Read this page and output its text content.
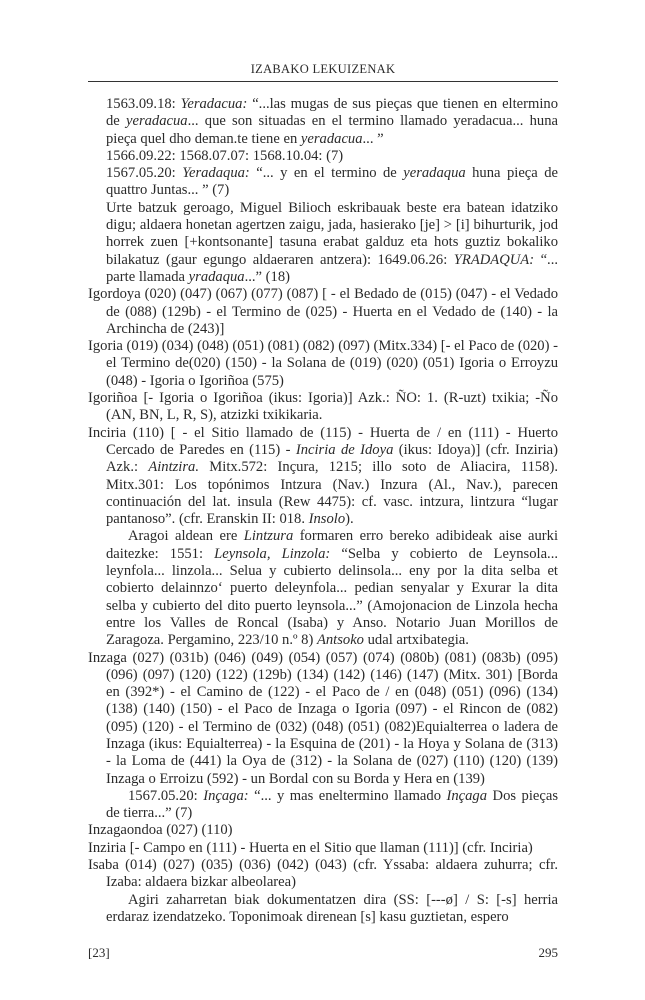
IZABAKO LEKUIZENAK

1563.09.18: Yeradacua: “...las mugas de sus pieças que tienen en eltermino de yeradacua... que son situadas en el termino llamado yeradacua... huna pieça quel dho deman.te tiene en yeradacua... ”

1566.09.22: 1568.07.07: 1568.10.04: (7)

1567.05.20: Yeradaqua: “... y en el termino de yeradaqua huna pieça de quattro Juntas... ” (7)

Urte batzuk geroago, Miguel Bilioch eskribauak beste era batean idatziko digu; aldaera honetan agertzen zaigu, jada, hasierako [je] > [i] bihurturik, jod horrek zuen [+kontsonante] tasuna erabat galduz eta hots guztiz bokaliko bilakatuz (gaur egungo aldaeraren antzera): 1649.06.26: YRADAQUA: “... parte llamada yradaqua...” (18)

Igordoya (020) (047) (067) (077) (087) [ - el Bedado de (015) (047) - el Vedado de (088) (129b) - el Termino de (025) - Huerta en el Vedado de (140) - la Archincha de (243)]

Igoria (019) (034) (048) (051) (081) (082) (097) (Mitx.334) [- el Paco de (020) - el Termino de(020) (150) - la Solana de (019) (020) (051) Igoria o Erroyzu (048) - Igoria o Igoriñoa (575)

Igoriñoa [- Igoria o Igoriñoa (ikus: Igoria)] Azk.: ÑO: 1. (R-uzt) txikia; -Ño (AN, BN, L, R, S), atzizki txikikaria.

Inciria (110) [ - el Sitio llamado de (115) - Huerta de / en (111) - Huerto Cercado de Paredes en (115) - Inciria de Idoya (ikus: Idoya)] (cfr. Inziria) Azk.: Aintzira. Mitx.572: Inçura, 1215; illo soto de Aliacira, 1158). Mitx.301: Los topónimos Intzura (Nav.) Inzura (Al., Nav.), parecen continuación del lat. insula (Rew 4475): cf. vasc. intzura, lintzura “lugar pantanoso”. (cfr. Eranskin II: 018. Insolo).

Aragoi aldean ere Lintzura formaren erro bereko adibideak aise aurki daitezke: 1551: Leynsola, Linzola: “Selba y cobierto de Leynsola... leynfola... linzola... Selua y cubierto delinsola... eny por la dita selba et cobierto delainnzo‘ puerto deleynfola... pedian senyalar y Exurar la dita selba y cubierto del dito puerto leynsola...” (Amojonacion de Linzola hecha entre los Valles de Roncal (Isaba) y Anso. Notario Juan Morillos de Zaragoza. Pergamino, 223/10 n.º 8) Antsoko udal artxibategia.

Inzaga (027) (031b) (046) (049) (054) (057) (074) (080b) (081) (083b) (095) (096) (097) (120) (122) (129b) (134) (142) (146) (147) (Mitx. 301) [Borda en (392*) - el Camino de (122) - el Paco de / en (048) (051) (096) (134) (138) (140) (150) - el Paco de Inzaga o Igoria (097) - el Rincon de (082) (095) (120) - el Termino de (032) (048) (051) (082)Equialterrea o ladera de Inzaga (ikus: Equialterrea) - la Esquina de (201) - la Hoya y Solana de (313) - la Loma de (441) la Oya de (312) - la Solana de (027) (110) (120) (139) Inzaga o Erroizu (592) - un Bordal con su Borda y Hera en (139)

1567.05.20: Inçaga: “... y mas eneltermino llamado Inçaga Dos pieças de tierra...” (7)

Inzagaondoa (027) (110)

Inziria [- Campo en (111) - Huerta en el Sitio que llaman (111)] (cfr. Inciria)

Isaba (014) (027) (035) (036) (042) (043) (cfr. Yssaba: aldaera zuhurra; cfr. Izaba: aldaera bizkar albeolarea)

Agiri zaharretan biak dokumentatzen dira (SS: [---ø] / S: [-s] herria erdaraz izendatzeko. Toponimoak direnean [s] kasu guztietan, espero

[23]	295
